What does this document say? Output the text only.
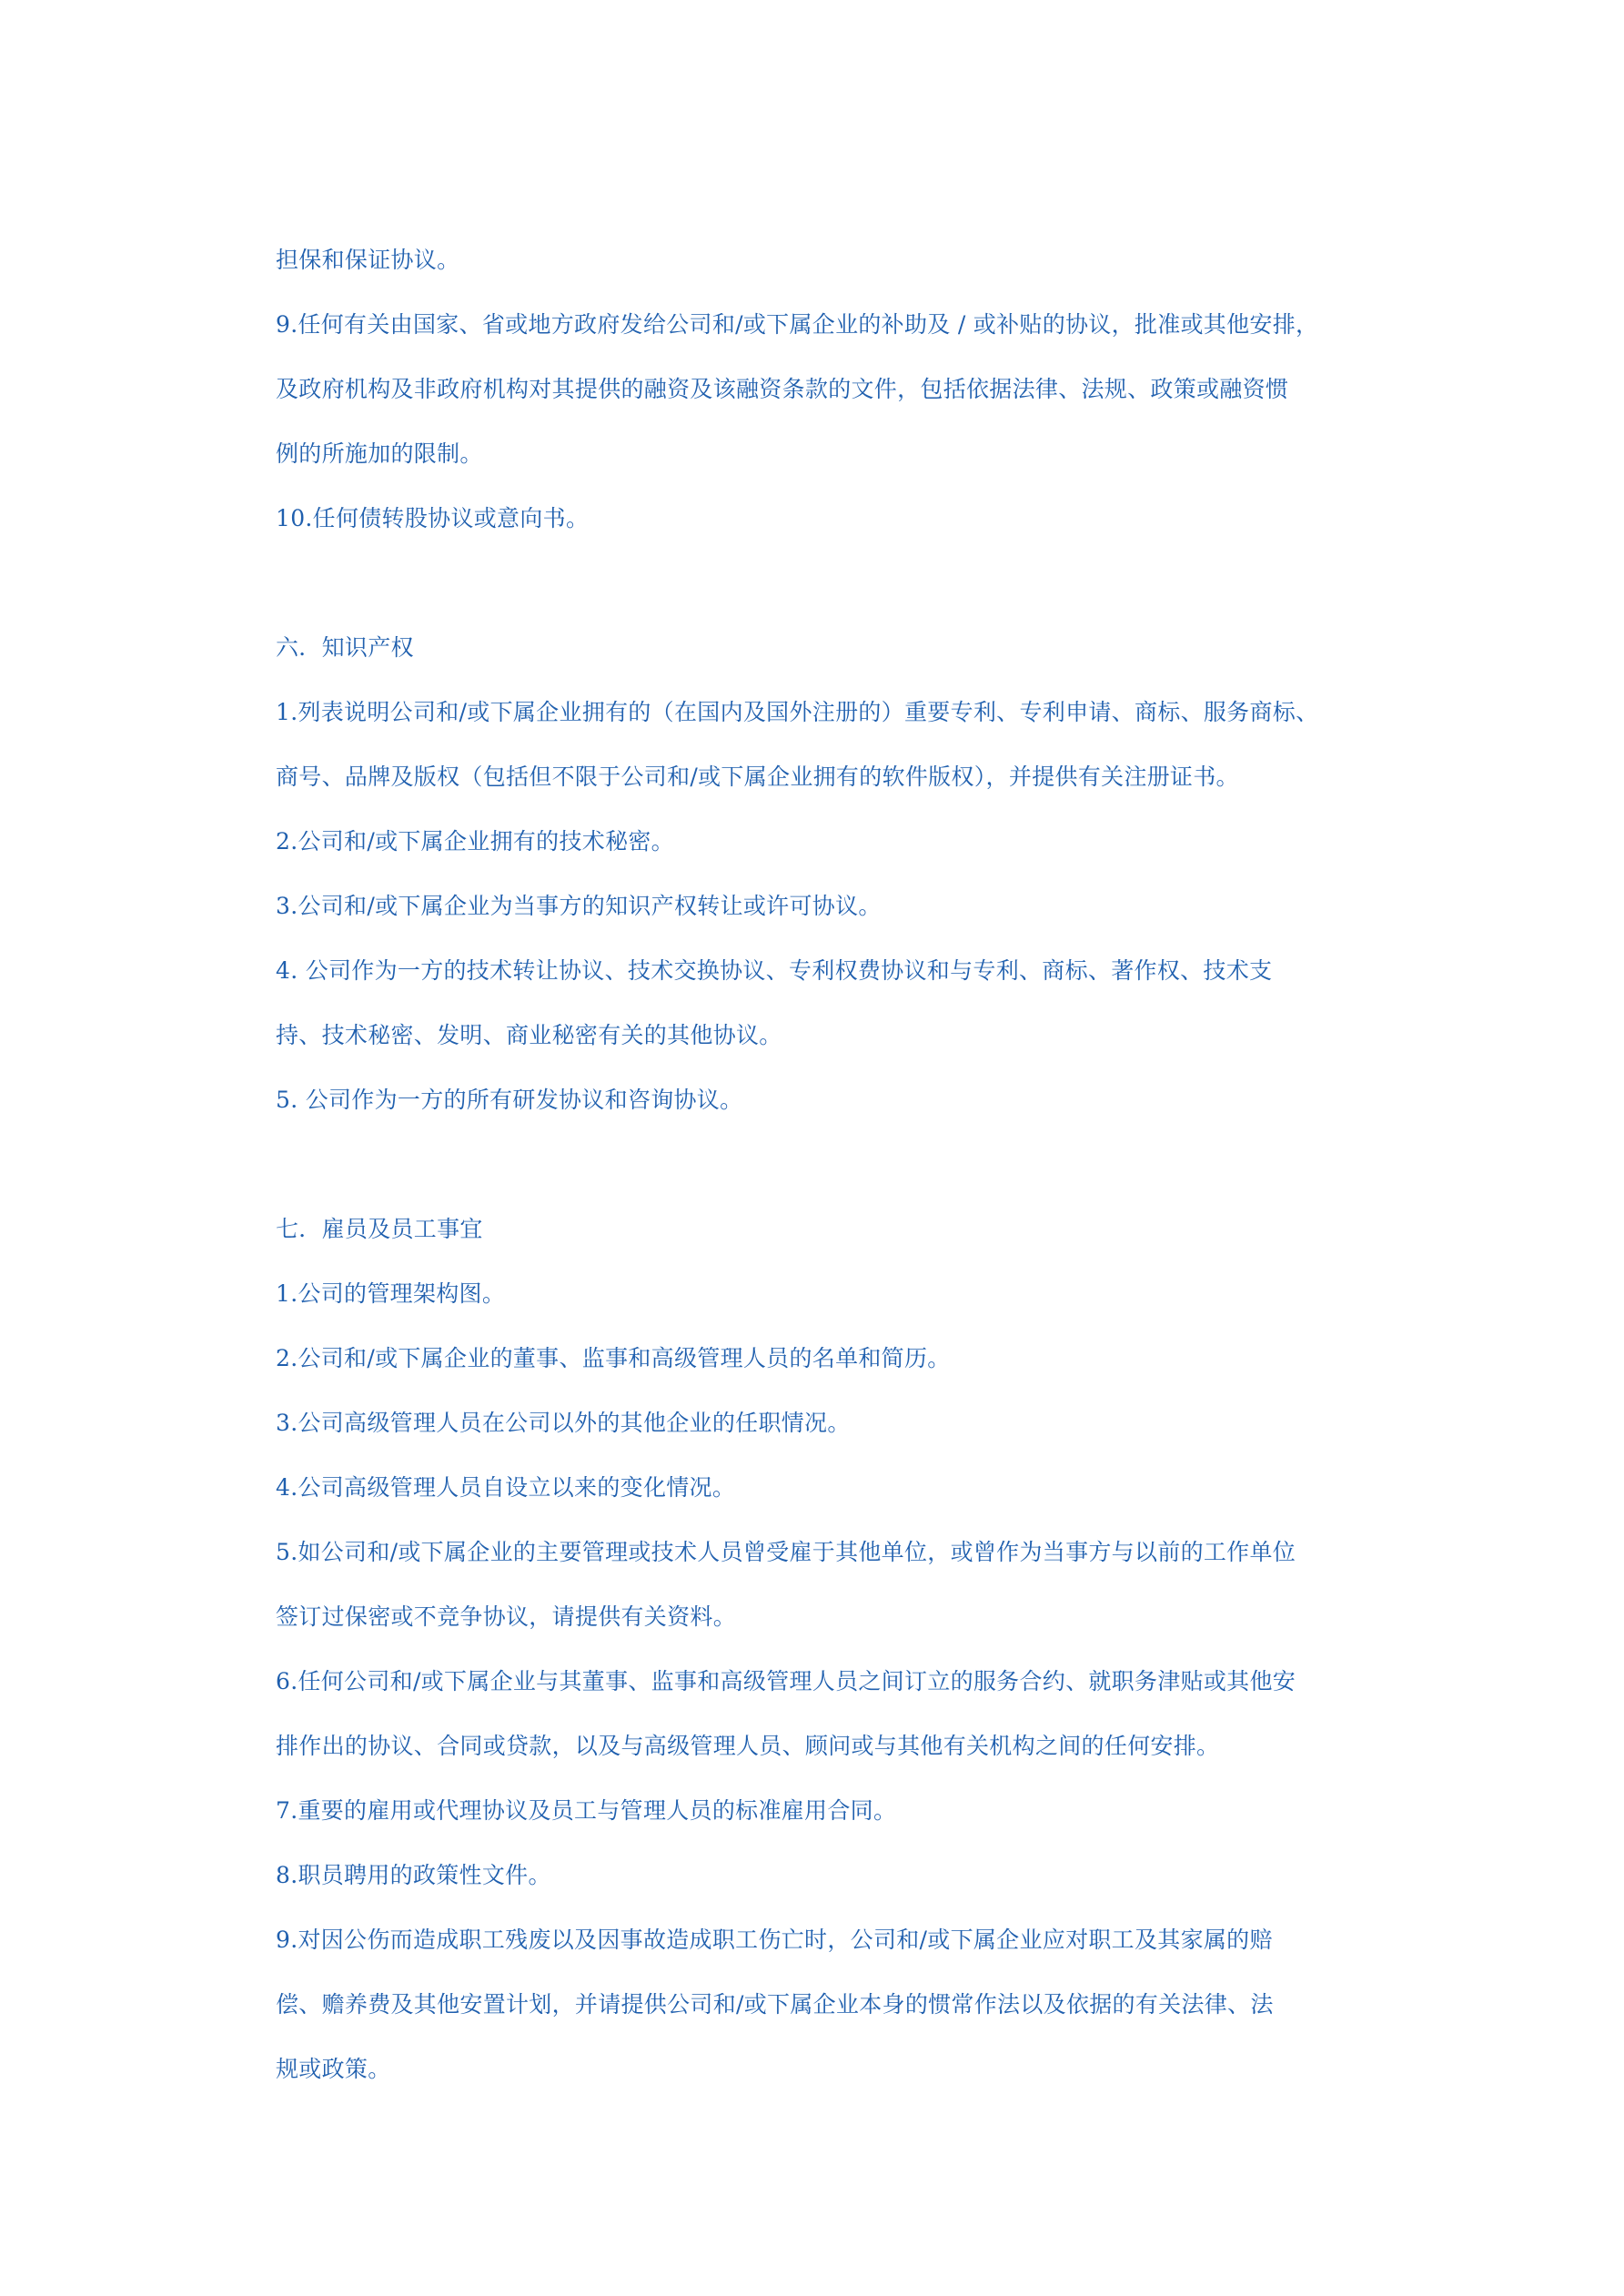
担保和保证协议。
9.任何有关由国家、省或地方政府发给公司和/或下属企业的补助及 / 或补贴的协议，批准或其他安排，
及政府机构及非政府机构对其提供的融资及该融资条款的文件，包括依据法律、法规、政策或融资惯
例的所施加的限制。
10.任何债转股协议或意向书。
六．知识产权
1.列表说明公司和/或下属企业拥有的（在国内及国外注册的）重要专利、专利申请、商标、服务商标、
商号、品牌及版权（包括但不限于公司和/或下属企业拥有的软件版权），并提供有关注册证书。
2.公司和/或下属企业拥有的技术秘密。
3.公司和/或下属企业为当事方的知识产权转让或许可协议。
4. 公司作为一方的技术转让协议、技术交换协议、专利权费协议和与专利、商标、著作权、技术支
持、技术秘密、发明、商业秘密有关的其他协议。
5. 公司作为一方的所有研发协议和咨询协议。
七．雇员及员工事宜
1.公司的管理架构图。
2.公司和/或下属企业的董事、监事和高级管理人员的名单和简历。
3.公司高级管理人员在公司以外的其他企业的任职情况。
4.公司高级管理人员自设立以来的变化情况。
5.如公司和/或下属企业的主要管理或技术人员曾受雇于其他单位，或曾作为当事方与以前的工作单位
签订过保密或不竞争协议，请提供有关资料。
6.任何公司和/或下属企业与其董事、监事和高级管理人员之间订立的服务合约、就职务津贴或其他安
排作出的协议、合同或贷款，以及与高级管理人员、顾问或与其他有关机构之间的任何安排。
7.重要的雇用或代理协议及员工与管理人员的标准雇用合同。
8.职员聘用的政策性文件。
9.对因公伤而造成职工残废以及因事故造成职工伤亡时，公司和/或下属企业应对职工及其家属的赔
偿、赡养费及其他安置计划，并请提供公司和/或下属企业本身的惯常作法以及依据的有关法律、法
规或政策。
